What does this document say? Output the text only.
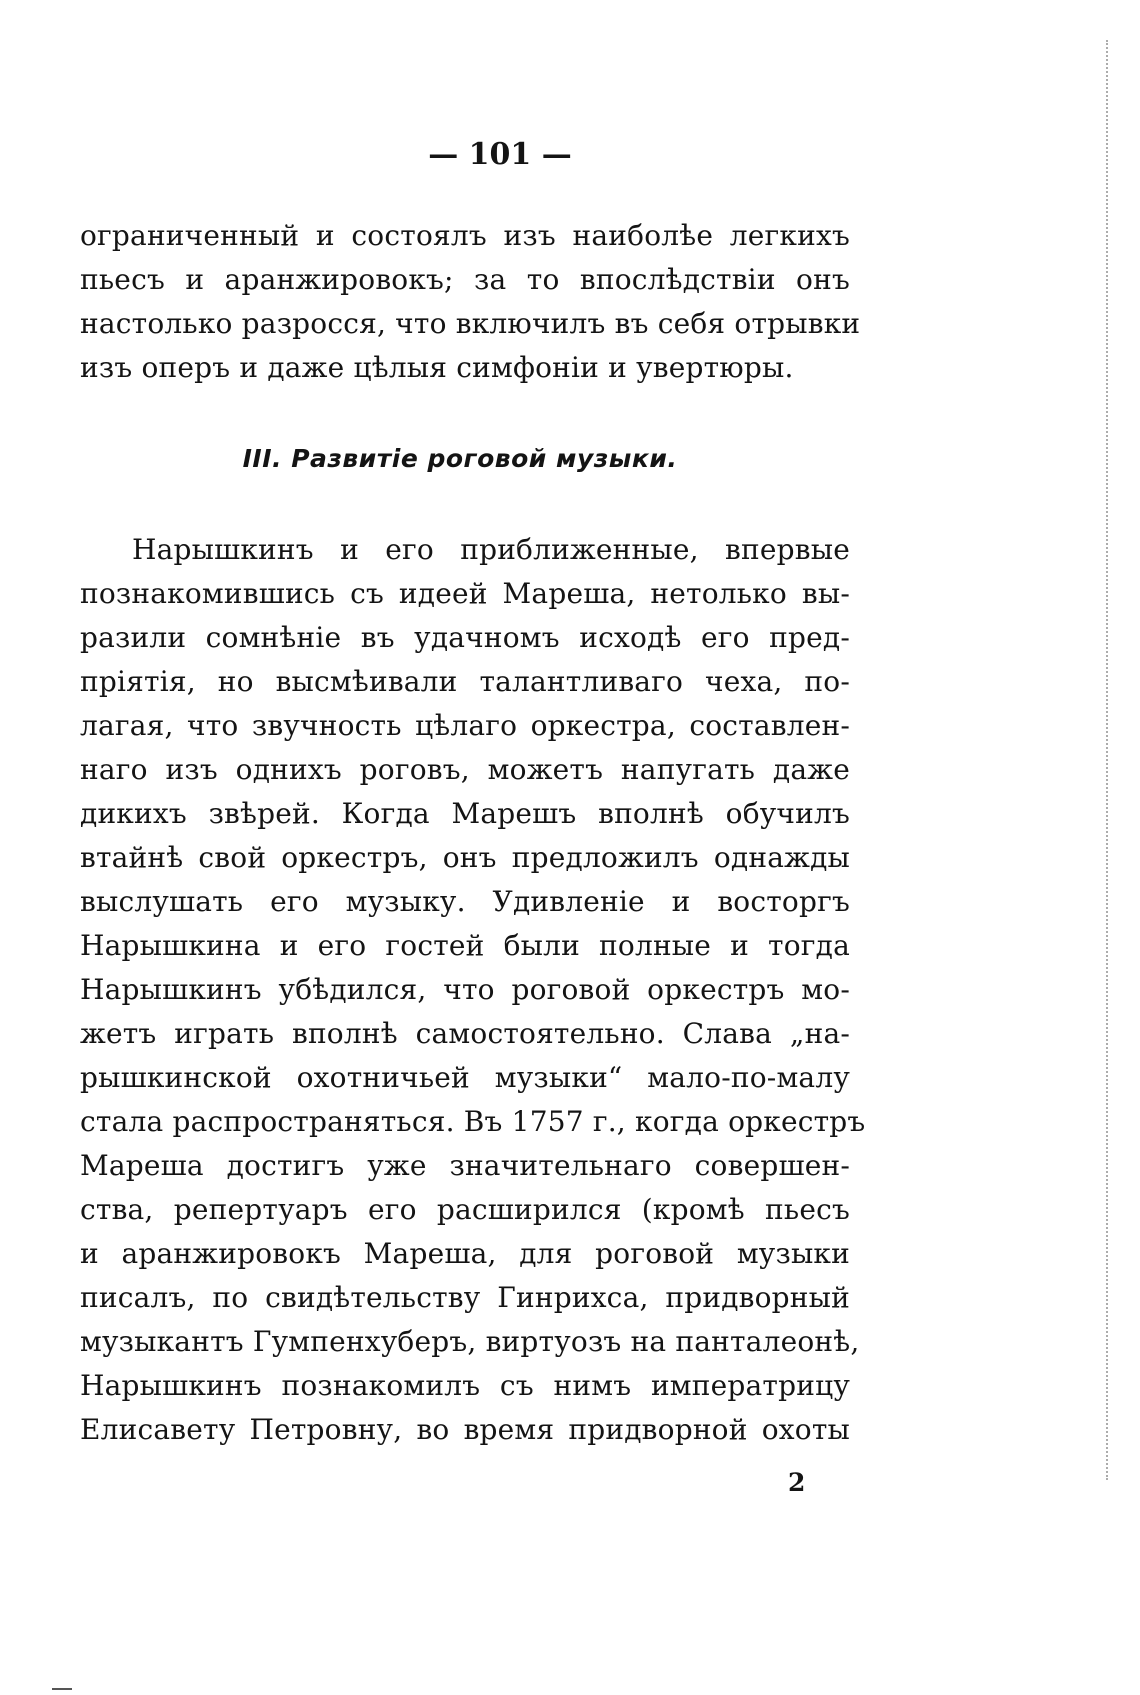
— 101 —
ограниченный и состоялъ изъ наиболѣе легкихъ
пьесъ и аранжировокъ; за то впослѣдствіи онъ
настолько разросся, что включилъ въ себя отрывки
изъ оперъ и даже цѣлыя симфоніи и увертюры.
III. Развитіе роговой музыки.
Нарышкинъ и его приближенные, впервые
познакомившись съ идеей Мареша, нетолько вы-
разили сомнѣніе въ удачномъ исходѣ его пред-
пріятія, но высмѣивали талантливаго чеха, по-
лагая, что звучность цѣлаго оркестра, составлен-
наго изъ однихъ роговъ, можетъ напугать даже
дикихъ звѣрей. Когда Марешъ вполнѣ обучилъ
втайнѣ свой оркестръ, онъ предложилъ однажды
выслушать его музыку. Удивленіе и восторгъ
Нарышкина и его гостей были полные и тогда
Нарышкинъ убѣдился, что роговой оркестръ мо-
жетъ играть вполнѣ самостоятельно. Слава „на-
рышкинской охотничьей музыки“ мало-по-малу
стала распространяться. Въ 1757 г., когда оркестръ
Мареша достигъ уже значительнаго совершен-
ства, репертуаръ его расширился (кромѣ пьесъ
и аранжировокъ Мареша, для роговой музыки
писалъ, по свидѣтельству Гинрихса, придворный
музыкантъ Гумпенхуберъ, виртуозъ на панталеонѣ,
Нарышкинъ познакомилъ съ нимъ императрицу
Елисавету Петровну, во время придворной охоты
2
